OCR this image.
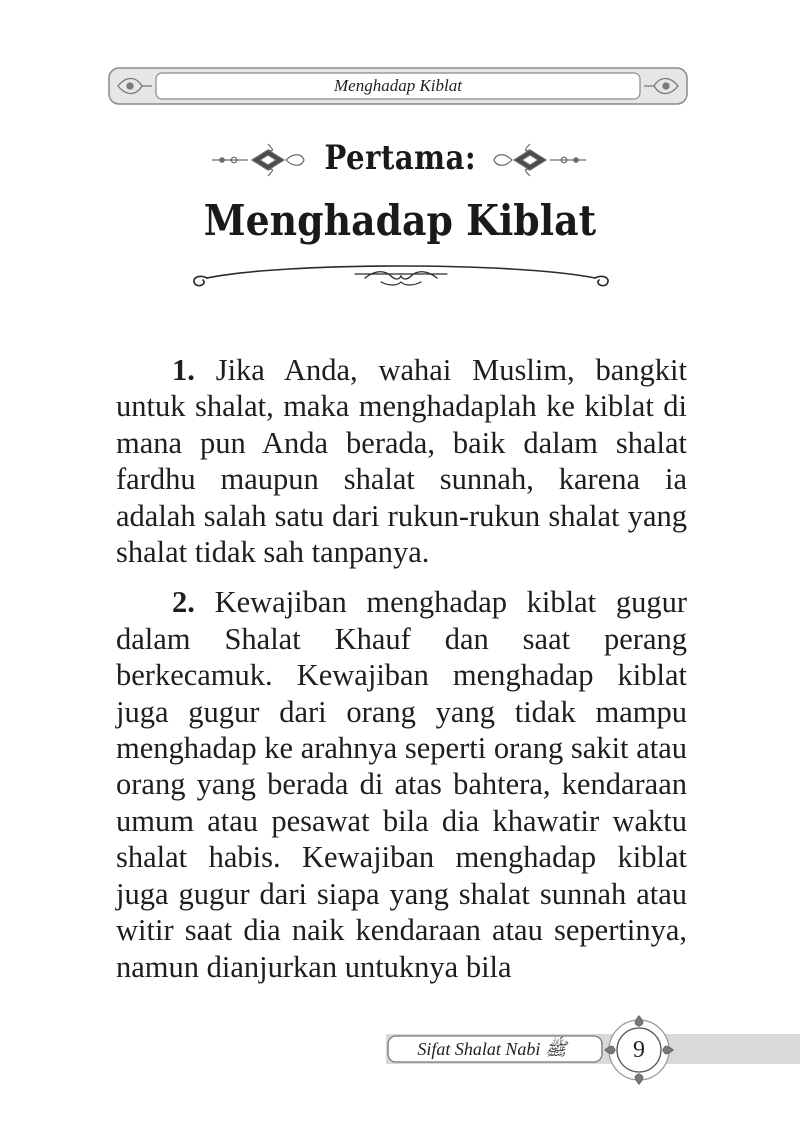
Menghadap Kiblat
Pertama:
Menghadap Kiblat

1. Jika Anda, wahai Muslim, bangkit untuk shalat, maka menghadaplah ke kiblat di mana pun Anda berada, baik dalam shalat fardhu maupun shalat sunnah, karena ia adalah salah satu dari rukun-rukun shalat yang shalat tidak sah tanpanya.

2. Kewajiban menghadap kiblat gugur dalam Shalat Khauf dan saat perang berkecamuk. Kewajiban menghadap kiblat juga gugur dari orang yang tidak mampu menghadap ke arahnya seperti orang sakit atau orang yang berada di atas bahtera, kendaraan umum atau pesawat bila dia khawatir waktu shalat habis. Kewajiban menghadap kiblat juga gugur dari siapa yang shalat sunnah atau witir saat dia naik kendaraan atau sepertinya, namun dianjurkan untuknya bila

Sifat Shalat Nabi ﷺ	9
